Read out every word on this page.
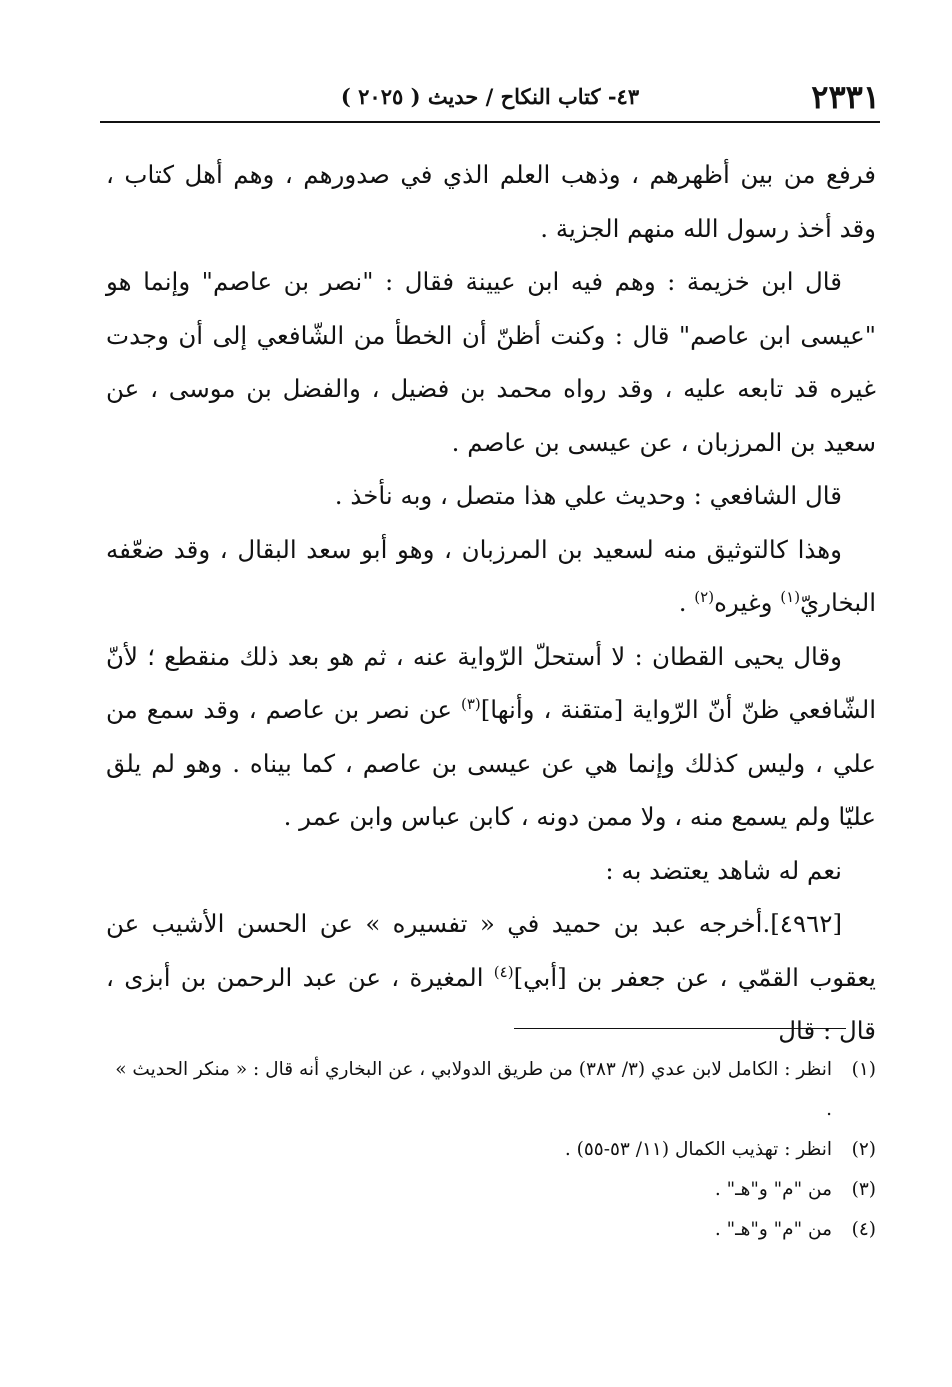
٢٣٣١
٤٣- كتاب النكاح / حديث ( ٢٠٢٥ )

فرفع من بين أظهرهم ، وذهب العلم الذي في صدورهم ، وهم أهل كتاب ، وقد أخذ رسول الله منهم الجزية .

قال ابن خزيمة : وهم فيه ابن عيينة فقال : "نصر بن عاصم" وإنما هو "عيسى ابن عاصم" قال : وكنت أظنّ أن الخطأ من الشّافعي إلى أن وجدت غيره قد تابعه عليه ، وقد رواه محمد بن فضيل ، والفضل بن موسى ، عن سعيد بن المرزبان ، عن عيسى بن عاصم .

قال الشافعي : وحديث علي هذا متصل ، وبه نأخذ .

وهذا كالتوثيق منه لسعيد بن المرزبان ، وهو أبو سعد البقال ، وقد ضعّفه البخاريّ$^{(١)}$ وغيره$^{(٢)}$ .

وقال يحيى القطان : لا أستحلّ الرّواية عنه ، ثم هو بعد ذلك منقطع ؛ لأنّ الشّافعي ظنّ أنّ الرّواية [متقنة ، وأنها]$^{(٣)}$ عن نصر بن عاصم ، وقد سمع من علي ، وليس كذلك وإنما هي عن عيسى بن عاصم ، كما بيناه . وهو لم يلق عليّا ولم يسمع منه ، ولا ممن دونه ، كابن عباس وابن عمر .

نعم له شاهد يعتضد به :

[٤٩٦٢].أخرجه عبد بن حميد في « تفسيره » عن الحسن الأشيب عن يعقوب القمّي ، عن جعفر بن [أبي]$^{(٤)}$ المغيرة ، عن عبد الرحمن بن أبزى ، قال : قال

(١)
انظر : الكامل لابن عدي (٣/ ٣٨٣) من طريق الدولابي ، عن البخاري أنه قال : « منكر الحديث » .

(٢)
انظر : تهذيب الكمال (١١/ ٥٣-٥٥) .

(٣)
من "م" و"هـ" .

(٤)
من "م" و"هـ" .
